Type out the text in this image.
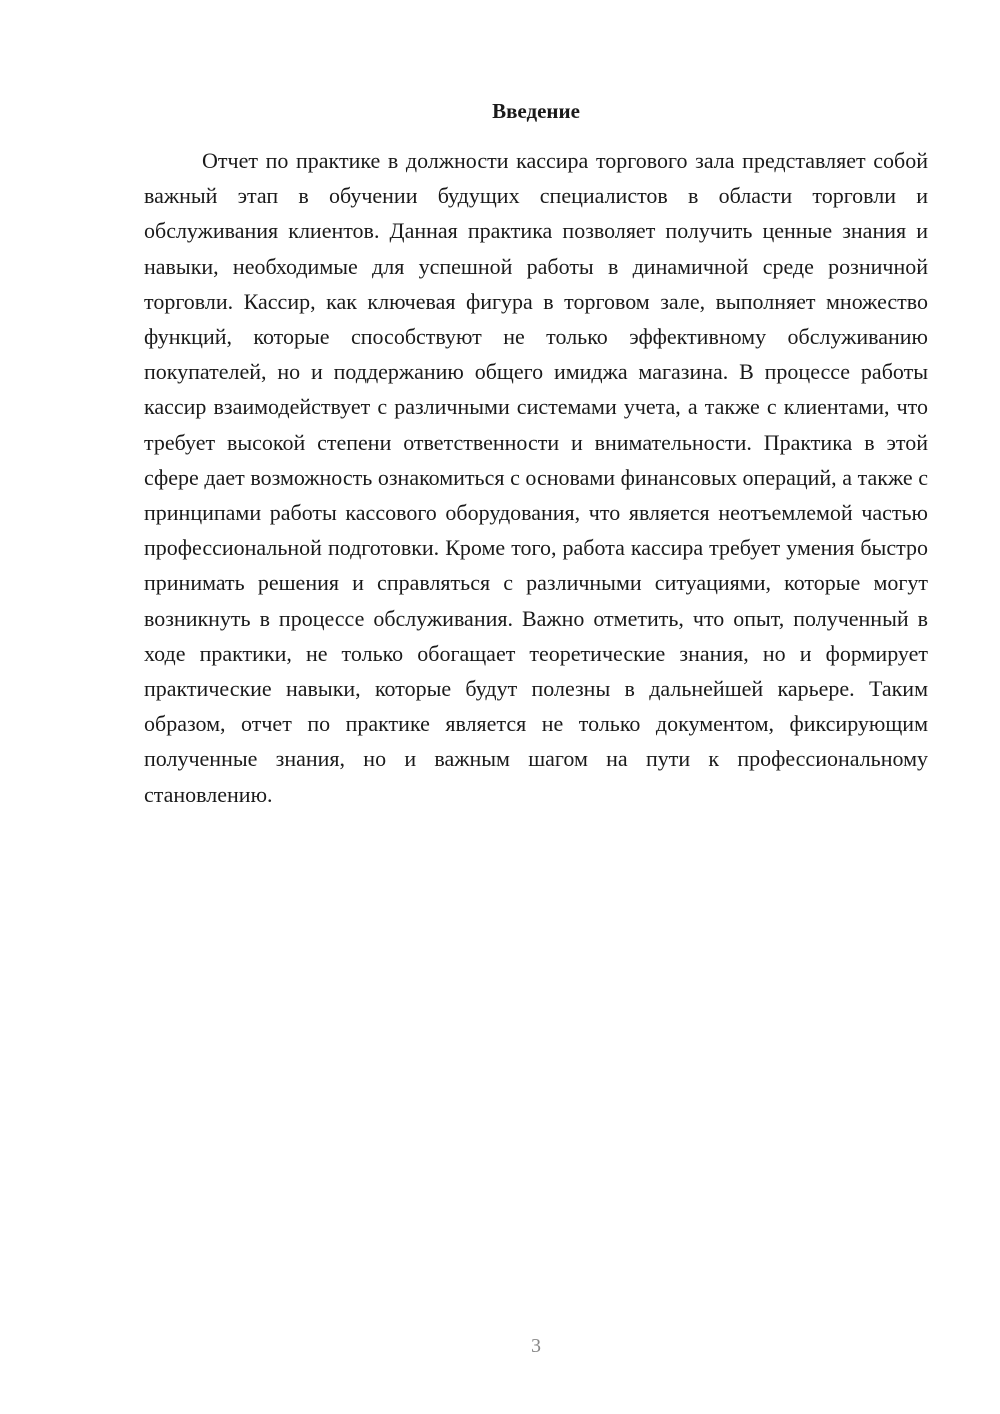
Введение

Отчет по практике в должности кассира торгового зала представляет собой важный этап в обучении будущих специалистов в области торговли и обслуживания клиентов. Данная практика позволяет получить ценные знания и навыки, необходимые для успешной работы в динамичной среде розничной торговли. Кассир, как ключевая фигура в торговом зале, выполняет множество функций, которые способствуют не только эффективному обслуживанию покупателей, но и поддержанию общего имиджа магазина. В процессе работы кассир взаимодействует с различными системами учета, а также с клиентами, что требует высокой степени ответственности и внимательности. Практика в этой сфере дает возможность ознакомиться с основами финансовых операций, а также с принципами работы кассового оборудования, что является неотъемлемой частью профессиональной подготовки. Кроме того, работа кассира требует умения быстро принимать решения и справляться с различными ситуациями, которые могут возникнуть в процессе обслуживания. Важно отметить, что опыт, полученный в ходе практики, не только обогащает теоретические знания, но и формирует практические навыки, которые будут полезны в дальнейшей карьере. Таким образом, отчет по практике является не только документом, фиксирующим полученные знания, но и важным шагом на пути к профессиональному становлению.

3
